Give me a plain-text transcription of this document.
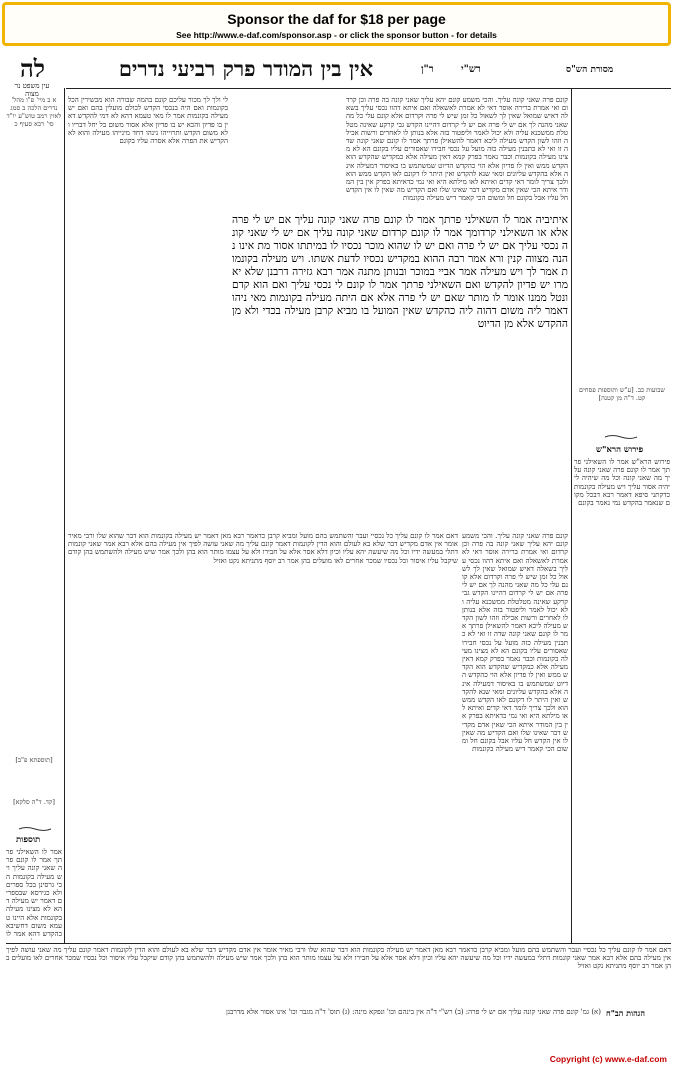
Sponsor the daf for $18 per page
See http://www.e-daf.com/sponsor.asp - or click the sponsor button - for details
לה	אין בין המודר פרק רביעי נדרים	ר"ן	רש"י	מסורת הש"ס
עין משפט נר מצוה
א ב מיי' פ"ו מהל' נדרים הלכה ב סמג לאוין רמב טוש"ע יו"ד סי' רכא סעיף כ
[תוספתא פ"ב]
[קד. ד"ה סלקא]
תוספות
אמר לו השאילני פרתך אמר לו קונם פרה שאני קונה עליך ויש מעילה בקונמות הכי גרסינן בכל ספרים ולא כגירסא שבספרים דאמר יש מעילה דהא לא מצינו מעילה בקונמות אלא היינו טעמא משום דחשיבא כהקדש דהא אמר לו
שבועות כב. [ע"ש ותוספות פסחים קט. ד"ה מן קטנה]
פירוש הרא"ש
פירוש הרא"ש אמר לו השאילני פרתך אמר לו קונם פרה שאני קונה עליך מה שאני קונה וכל מה שיהיה לי יהיה אסור עליך ויש מעילה בקונמות כדקתני סיפא דאמר רבא דבכל מקום שנאמר בהקדש נמי נאמר בקונם
קונם פרה שאני קונה עליך. והכי משמע קונם יהא עליך שאני קונה בה פרה וכן קרדום ואי אמרת ברירה אוסר דאי לא אמרת לאשאלה ואם איתא דהוו נכסי עליך בשאלה דאיש שמואל שאין לך לשאול כל זמן שיש לי פרה וקרדום אלא קונם עלי כל מה שאני מהנה לך אם יש לי פרה אם יש לי קרדום דהיינו הקדש גבי קרקע שאינה מטלטלת ממשכנא עליה ולא יכול לאמר וליפטור בזה אלא בנותן לו לאחרים ורשות אכילה וזהו לשון הקדש מעילה ליכא דאמר להשאילן פרתך אמר לו קונם שאני קונה שדה זו ואי לא כתבנין מעילה כזה מועל על נכסי חבירו שאסורים עליו בקונם הא לא מצינו מעילה בקונמות וכבר נאמר בפרק קמא דאין מעילה אלא כמקדיש שהקדש הוא הקדש ממש ואין לו פדיון אלא הוי כהקדש הדיוט שמשתמש בו באיסור דמעילה אינה אלא בהקדש עליונים ומאי שנא להקדש ואין היתר לו דקונם לאו הקדש ממש הוא ולכך צריך לומר דאי קדים ואיתא לאו מילתא היא ואי נמי כדאיתא בפרק אין בין המודר איתא הכי שאין אדם מקדיש דבר שאינו שלו ואם הקדיש מה שאין לו אין הקדש חל עליו אבל בקונם חל ומשום הכי קאמר דיש מעילה בקונמות
לי ולך לך מכור עליכם קונם בהמה שבורה הוא מכשירין הכל בקונמות ואם היה בנכסי הקדש לכולם מועלין בהם ואם יש מעילה בקונמות אמר לו מאי טעמא דהא לא דמי להקדש דאין בו פדיון והכא יש בו פדיון אלא אסור משום בל יחל דבריו ולא משום הקדש ותרוייהו נינהו דחד מינייהו מעילה והוא לא הקדיש את הפרה אלא אסרה עליו בקונם
איתיביה אמר לו השאילני פרתך אמר לו קונם פרה שאני קונה עליך אם יש לי פרה אלא או השאילני קרדומך אמר לו קונם קרדום שאני קונה עליך אם יש לי שאני קונה נכסי עליך אם יש לי פרה ואם יש לו שהוא מוכר נכסיו לו במיתתו אסור מת אינו נהנה מצווה קנין ורא אמר רבה ההוא במקדיש נכסיו לדעת אשתו. ויש מעילה בקונמות אמר לך ויש מעילה אמר אביי במוכר ובנותן מתנה אמר רבא גזירה דרבנן שלא יאמרו יש פדיון להקדש ואם השאילני פרתך אמר לו קונם לי נכסי עליך ואם הוא קדם ונטל ממנו אומר לו מותר שאם יש לי פרה אלא אם היתה מעילה בקונמות מאי ניהו דאמר ליה משום דהוה ליה כהקדש שאין המועל בו מביא קרבן מעילה בכדי ולא מן ההקדש אלא מן הדיוט
קונם פרה שאני קונה עליך. והכי משמע קונם יהא עליך שאני קונה בה פרה וכן קרדום ואי אמרת ברירה אוסר דאי לא אמרת לאשאלה ואם איתא דהוו נכסי עליך בשאלה דאיש שמואל שאין לך לשאול כל זמן שיש לי פרה וקרדום אלא קונם עלי כל מה שאני מהנה לך אם יש לי פרה אם יש לי קרדום דהיינו הקדש גבי קרקע שאינה מטלטלת ממשכנא עליה ולא יכול לאמר וליפטור בזה אלא בנותן לו לאחרים ורשות אכילה וזהו לשון הקדש מעילה ליכא דאמר להשאילן פרתך אמר לו קונם שאני קונה שדה זו ואי לא כתבנין מעילה כזה מועל על נכסי חבירו שאסורים עליו בקונם הא לא מצינו מעילה בקונמות וכבר נאמר בפרק קמא דאין מעילה אלא כמקדיש שהקדש הוא הקדש ממש ואין לו פדיון אלא הוי כהקדש הדיוט שמשתמש בו באיסור דמעילה אינה אלא בהקדש עליונים ומאי שנא להקדש ואין היתר לו דקונם לאו הקדש ממש הוא ולכך צריך לומר דאי קדים ואיתא לאו מילתא היא ואי נמי כדאיתא בפרק אין בין המודר איתא הכי שאין אדם מקדיש דבר שאינו שלו ואם הקדיש מה שאין לו אין הקדש חל עליו אבל בקונם חל ומשום הכי קאמר דיש מעילה בקונמות
דאם אמר לו קונם עליך כל נכסיי ועבר והשתמש בהם מועל ומביא קרבן כדאמר רבא מאן דאמר יש מעילה בקונמות הוא דבר שהוא שלו ורבי מאיר אומר אין אדם מקדיש דבר שלא בא לעולם והוא הדין לקונמות דאמר קונם עליך מה שאני עושה לפיך אין מעילה בהם אלא רבא אמר שאני קונמות דתלי במעשה ידיו וכל מה שיעשה יהא עליו וכיון דלא אסר אלא על חבירו ולא על עצמו מותר הוא בהן ולכך אמר שיש מעילה ולהשתמש בהן קודם שיקבל עליו איסור וכל נכסיו שמכר אחרים לאו מועלים בהן אמר רב יוסף מתניתא נקט ואזיל
דאם אמר לו קונם עליך כל נכסיי ועבר והשתמש בהם מועל ומביא קרבן כדאמר רבא מאן דאמר יש מעילה בקונמות הוא דבר שהוא שלו ורבי מאיר אומר אין אדם מקדיש דבר שלא בא לעולם והוא הדין לקונמות דאמר קונם עליך מה שאני עושה לפיך אין מעילה בהם אלא רבא אמר שאני קונמות דתלי במעשה ידיו וכל מה שיעשה יהא עליו וכיון דלא אסר אלא על חבירו ולא על עצמו מותר הוא בהן ולכך אמר שיש מעילה ולהשתמש בהן קודם שיקבל עליו איסור וכל נכסיו שמכר אחרים לאו מועלים בהן אמר רב יוסף מתניתא נקט ואזיל
הגהות הב"ח
(א) גמ' קונם פרה שאני קונה עליך אם יש לי פרה: (ב) רש"י ד"ה אין בינהם וכו' ונפקא מינה: (ג) תוס' ד"ה מגבר וכו' אינו אסור אלא מדרבנן
Copyright (c) www.e-daf.com
